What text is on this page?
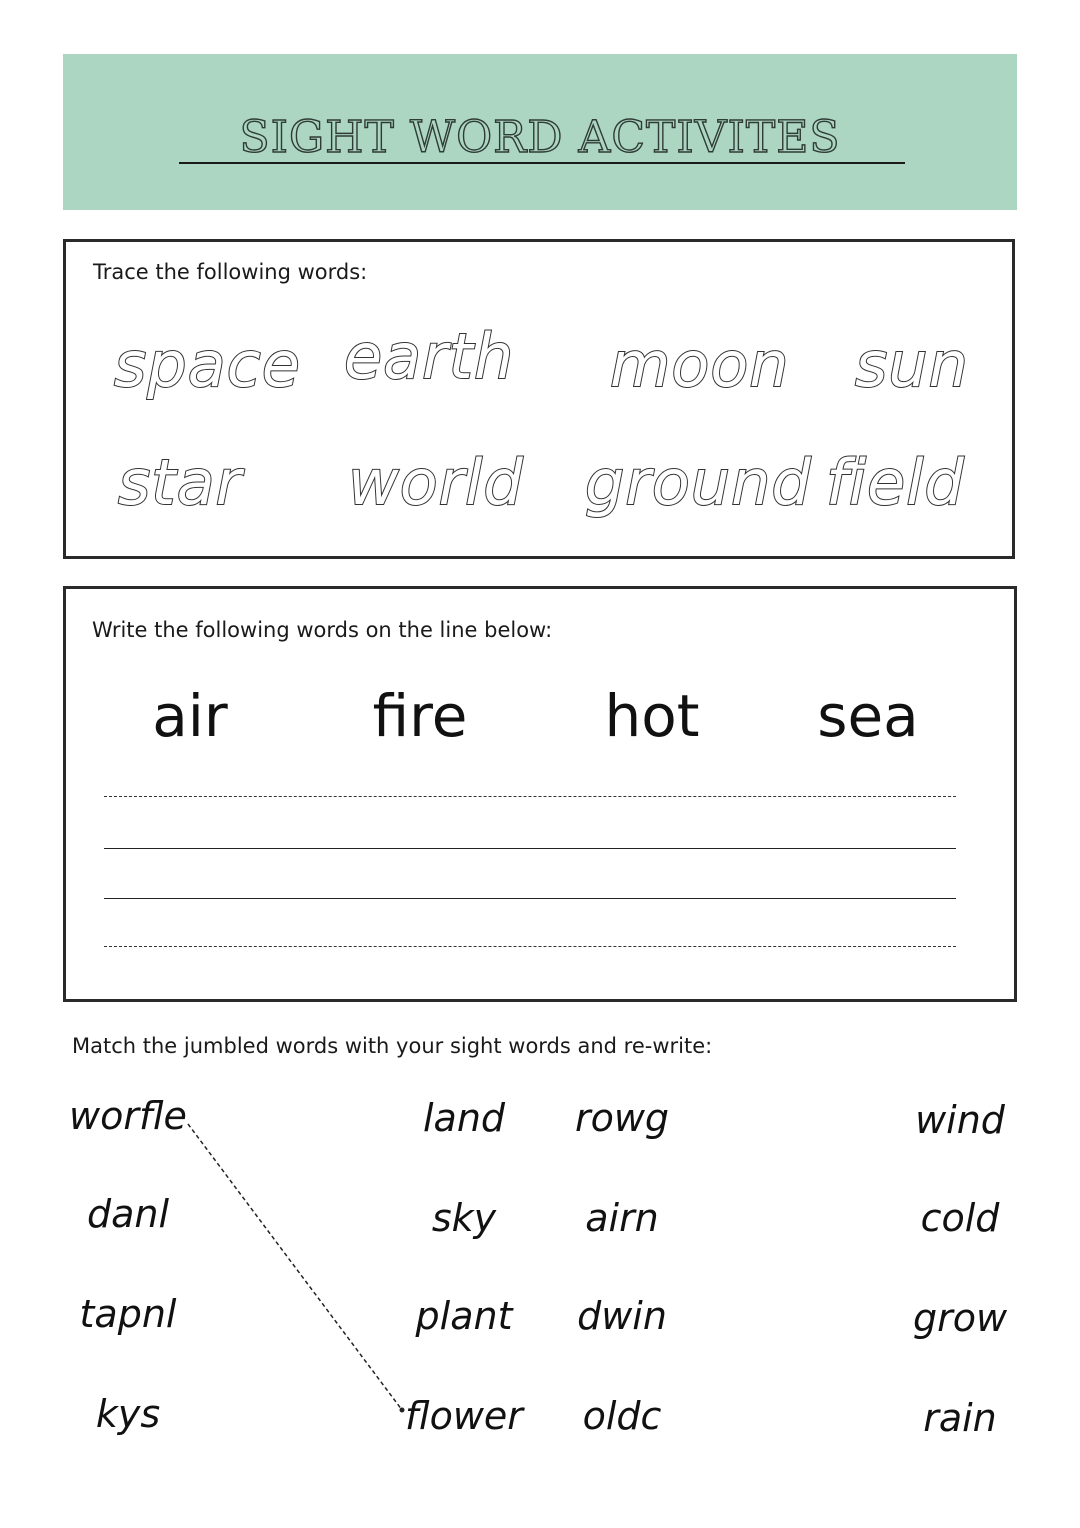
SIGHT WORD ACTIVITES
Trace the following words:
space earth moon sun
star world ground field
Write the following words on the line below:
air	fire	hot	sea
Match the jumbled words with your sight words and re-write:
worfle
danl
tapnl
kys
land
sky
plant
flower
rowg
airn
dwin
oldc
wind
cold
grow
rain
